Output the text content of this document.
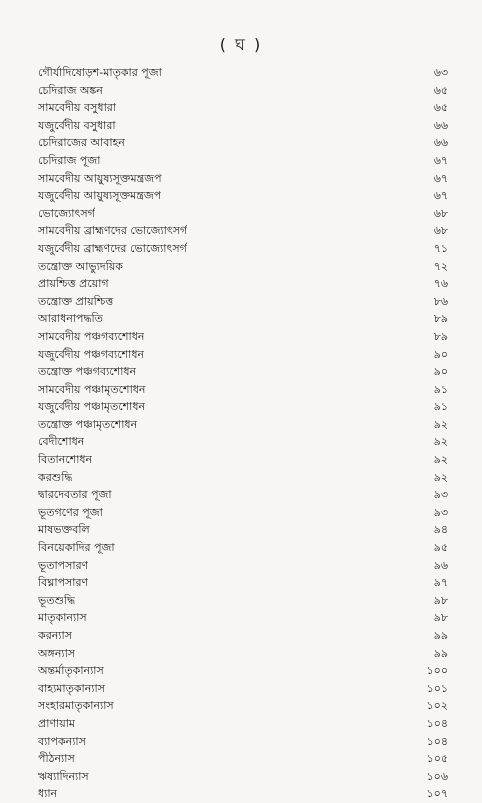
( ঘ )
গৌর্যাদিষোড়শ-মাতৃকার পূজা	৬৩
চেদিরাজ অঙ্কন	৬৫
সামবেদীয় বসুধারা	৬৫
যজুর্বেদীয় বসুধারা	৬৬
চেদিরাজের আবাহন	৬৬
চেদিরাজ পূজা	৬৭
সামবেদীয় আয়ুষ্যসূক্তমন্ত্রজপ	৬৭
যজুর্বেদীয় আয়ুষ্যসূক্তমন্ত্রজপ	৬৭
ভোজ্যোৎসর্গ	৬৮
সামবেদীয় ব্রাহ্মণদের ভোজ্যোৎসর্গ	৬৮
যজুর্বেদীয় ব্রাহ্মণদের ভোজ্যোৎসর্গ	৭১
তন্ত্রোক্ত আভ্যুদয়িক	৭২
প্রায়শ্চিত্ত প্রয়োগ	৭৬
তন্ত্রোক্ত প্রায়শ্চিত্ত	৮৬
আরাধনাপদ্ধতি	৮৯
সামবেদীয় পঞ্চগব্যশোধন	৮৯
যজুর্বেদীয় পঞ্চগব্যশোধন	৯০
তন্ত্রোক্ত পঞ্চগব্যশোধন	৯০
সামবেদীয় পঞ্চামৃতশোধন	৯১
যজুর্বেদীয় পঞ্চামৃতশোধন	৯১
তন্ত্রোক্ত পঞ্চামৃতশোধন	৯২
বেদীশোধন	৯২
বিতানশোধন	৯২
করশুদ্ধি	৯২
দ্বারদেবতার পূজা	৯৩
ভূতগণের পূজা	৯৩
মাষভক্তবলি	৯৪
বিনয়েকাদির পূজা	৯৫
ভূতাপসারণ	৯৬
বিঘ্নাপসারণ	৯৭
ভূতশুদ্ধি	৯৮
মাতৃকান্যাস	৯৮
করন্যাস	৯৯
অঙ্গন্যাস	৯৯
অন্তর্মাতৃকান্যাস	১০০
বাহ্যমাতৃকান্যাস	১০১
সংহারমাতৃকান্যাস	১০২
প্রাণায়াম	১০৪
ব্যাপকন্যাস	১০৪
পীঠন্যাস	১০৫
ঋষ্যাদিন্যাস	১০৬
ধ্যান	১০৭
